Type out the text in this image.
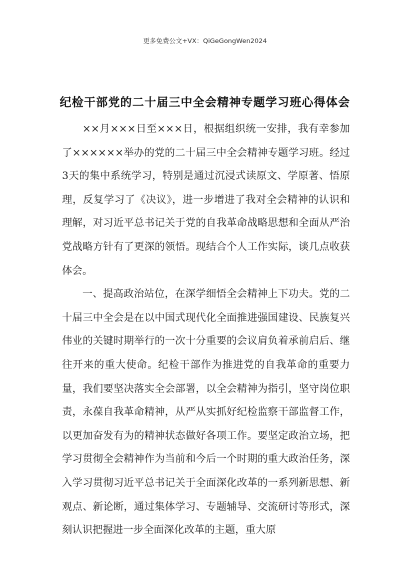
更多免费公文+VX：QiGeGongWen2024
纪检干部党的二十届三中全会精神专题学习班心得体会

××月×××日至×××日，根据组织统一安排，我有幸参加了××××××举办的党的二十届三中全会精神专题学习班。经过3天的集中系统学习，特别是通过沉浸式读原文、学原著、悟原理，反复学习了《决议》，进一步增进了我对全会精神的认识和理解，对习近平总书记关于党的自我革命战略思想和全面从严治党战略方针有了更深的领悟。现结合个人工作实际，谈几点收获体会。

一、提高政治站位，在深学细悟全会精神上下功夫。党的二十届三中全会是在以中国式现代化全面推进强国建设、民族复兴伟业的关键时期举行的一次十分重要的会议肩负着承前启后、继往开来的重大使命。纪检干部作为推进党的自我革命的重要力量，我们要坚决落实全会部署，以全会精神为指引，坚守岗位职责，永葆自我革命精神，从严从实抓好纪检监察干部监督工作，以更加奋发有为的精神状态做好各项工作。要坚定政治立场，把学习贯彻全会精神作为当前和今后一个时期的重大政治任务，深入学习贯彻习近平总书记关于全面深化改革的一系列新思想、新观点、新论断，通过集体学习、专题辅导、交流研讨等形式，深刻认识把握进一步全面深化改革的主题，重大原
